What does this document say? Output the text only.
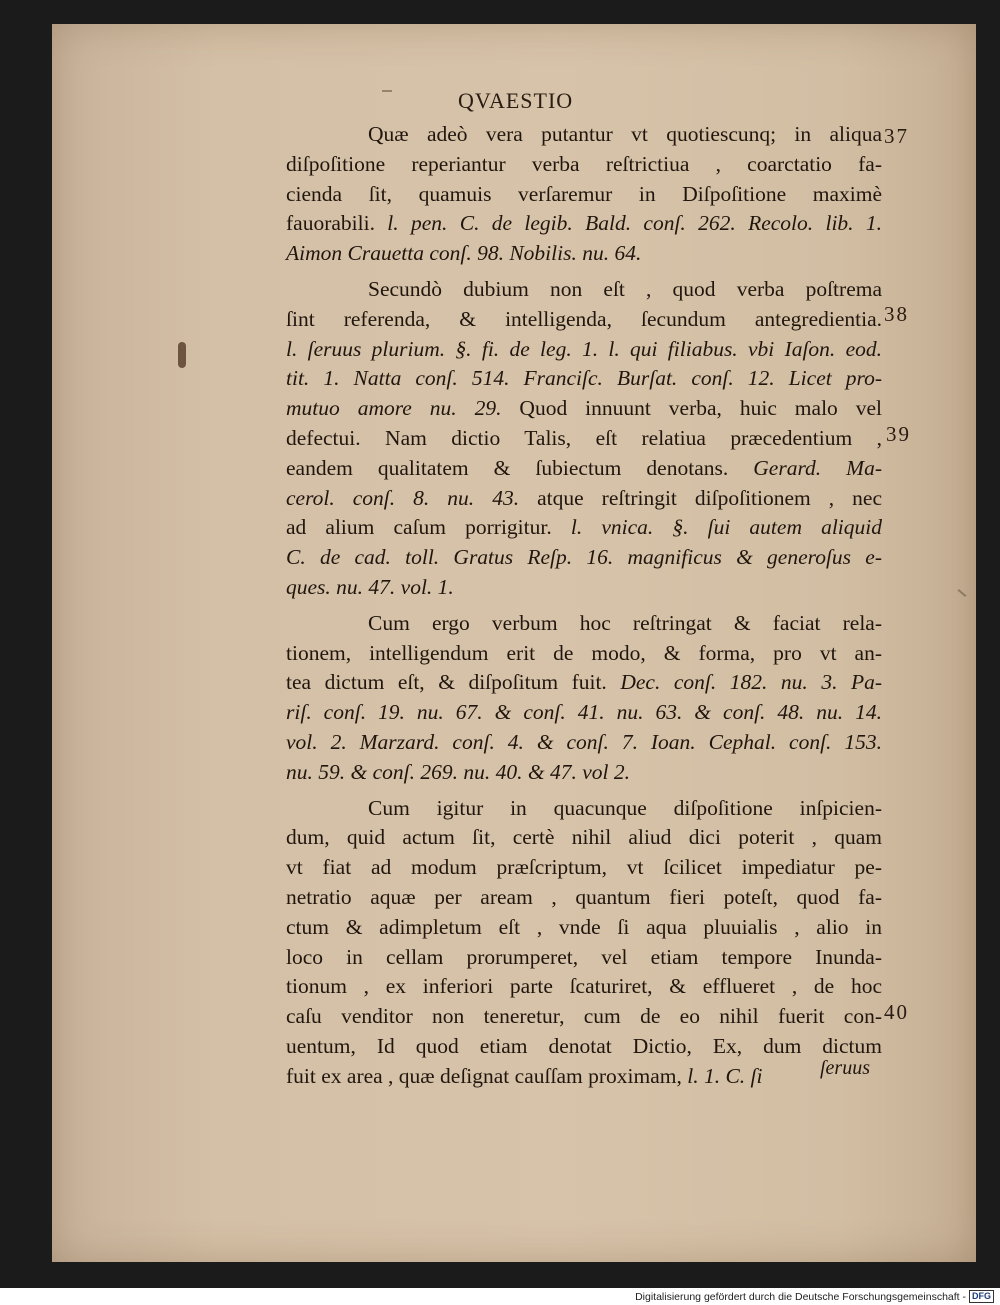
QVAESTIO
37
38
39
40
Quæ adeò vera putantur vt quotiescunq; in aliqua
diſpoſitione reperiantur verba reſtrictiua , coarctatio fa-
cienda ſit, quamuis verſaremur in Diſpoſitione maximè
fauorabili. l. pen. C. de legib. Bald. conſ. 262. Recolo. lib. 1.
Aimon Crauetta conſ. 98. Nobilis. nu. 64.
Secundò dubium non eſt , quod verba poſtrema
ſint referenda, & intelligenda, ſecundum antegredientia.
l. ſeruus plurium. §. fi. de leg. 1. l. qui filiabus. vbi Iaſon. eod.
tit. 1. Natta conſ. 514. Franciſc. Burſat. conſ. 12. Licet pro-
mutuo amore nu. 29. Quod innuunt verba, huic malo vel
defectui. Nam dictio Talis, eſt relatiua præcedentium ,
eandem qualitatem & ſubiectum denotans. Gerard. Ma-
cerol. conſ. 8. nu. 43. atque reſtringit diſpoſitionem , nec
ad alium caſum porrigitur. l. vnica. §. ſui autem aliquid
C. de cad. toll. Gratus Reſp. 16. magnificus & generoſus e-
ques. nu. 47. vol. 1.
Cum ergo verbum hoc reſtringat & faciat rela-
tionem, intelligendum erit de modo, & forma, pro vt an-
tea dictum eſt, & diſpoſitum fuit. Dec. conſ. 182. nu. 3. Pa-
riſ. conſ. 19. nu. 67. & conſ. 41. nu. 63. & conſ. 48. nu. 14.
vol. 2. Marzard. conſ. 4. & conſ. 7. Ioan. Cephal. conſ. 153.
nu. 59. & conſ. 269. nu. 40. & 47. vol 2.
Cum igitur in quacunque diſpoſitione inſpicien-
dum, quid actum ſit, certè nihil aliud dici poterit , quam
vt fiat ad modum præſcriptum, vt ſcilicet impediatur pe-
netratio aquæ per aream , quantum fieri poteſt, quod fa-
ctum & adimpletum eſt , vnde ſi aqua pluuialis , alio in
loco in cellam prorumperet, vel etiam tempore Inunda-
tionum , ex inferiori parte ſcaturiret, & efflueret , de hoc
caſu venditor non teneretur, cum de eo nihil fuerit con-
uentum, Id quod etiam denotat Dictio, Ex, dum dictum
fuit ex area , quæ deſignat cauſſam proximam, l. 1. C. ſi	ſeruus
Digitalisierung gefördert durch die Deutsche Forschungsgemeinschaft - DFG
